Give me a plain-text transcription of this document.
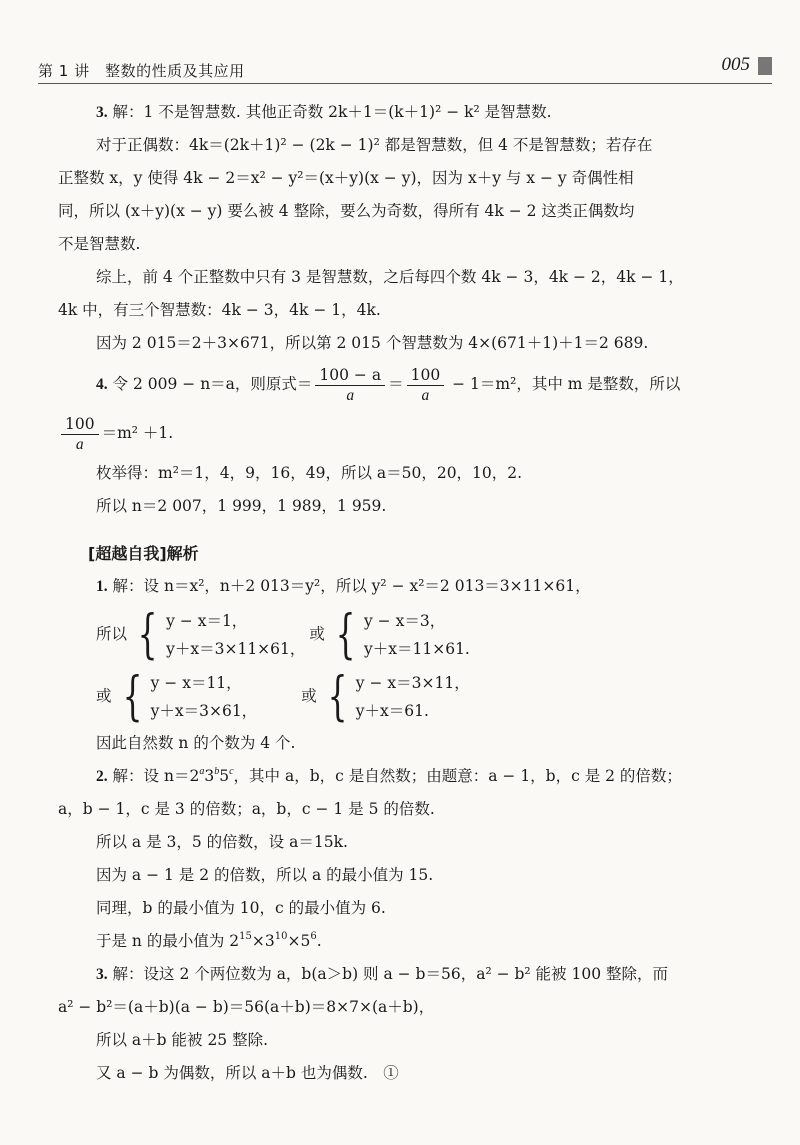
第 1 讲　整数的性质及其应用	005
3. 解：1 不是智慧数. 其他正奇数 2k＋1＝(k＋1)² − k² 是智慧数.
对于正偶数：4k＝(2k＋1)² − (2k − 1)² 都是智慧数，但 4 不是智慧数；若存在
正整数 x，y 使得 4k − 2＝x² − y²＝(x＋y)(x − y)，因为 x＋y 与 x − y 奇偶性相
同，所以 (x＋y)(x − y) 要么被 4 整除，要么为奇数，得所有 4k − 2 这类正偶数均
不是智慧数.
综上，前 4 个正整数中只有 3 是智慧数，之后每四个数 4k − 3，4k − 2，4k − 1，
4k 中，有三个智慧数：4k − 3，4k − 1，4k.
因为 2 015＝2＋3×671，所以第 2 015 个智慧数为 4×(671＋1)＋1＝2 689.
4. 令 2 009 − n＝a，则原式＝ $\frac{100 - a}{a} = \frac{100}{a} - 1=m^2$，其中 m 是整数，所以
$\frac{100}{a} =m^2 +1$.
枚举得：m²＝1，4，9，16，49，所以 a＝50，20，10，2.
所以 n＝2 007，1 999，1 989，1 959.
[超越自我]解析
1. 解：设 n＝x²，n＋2 013＝y²，所以 y² − x²＝2 013＝3×11×61，
所以 { y − x＝1，
y＋x＝3×11×61，
或 { y − x＝3，
y＋x＝11×61.
或 { y − x＝11，
y＋x＝3×61，
或 { y − x＝3×11，
y＋x＝61.
因此自然数 n 的个数为 4 个.
2. 解：设 $n=2^a3^b5^c$，其中 a，b，c 是自然数；由题意：a − 1，b，c 是 2 的倍数；
a，b − 1，c 是 3 的倍数；a，b，c − 1 是 5 的倍数.
所以 a 是 3，5 的倍数，设 a＝15k.
因为 a − 1 是 2 的倍数，所以 a 的最小值为 15.
同理，b 的最小值为 10，c 的最小值为 6.
于是 n 的最小值为 $2^{15}\times 3^{10}\times 5^6$.
3. 解：设这 2 个两位数为 a，b(a＞b) 则 a − b＝56，a² − b² 能被 100 整除，而
a² − b²＝(a＋b)(a − b)＝56(a＋b)＝8×7×(a＋b)，
所以 a＋b 能被 25 整除.
又 a − b 为偶数，所以 a＋b 也为偶数.　①
